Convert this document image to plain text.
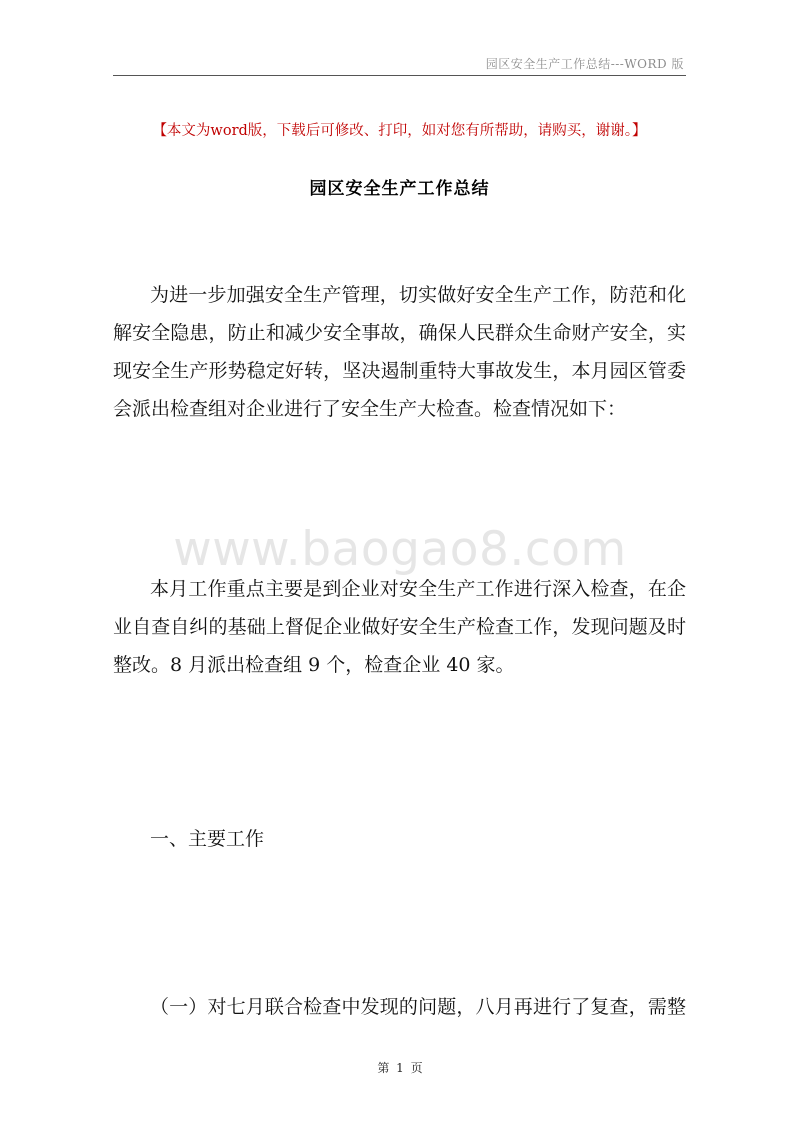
园区安全生产工作总结---WORD 版
【本文为word版，下载后可修改、打印，如对您有所帮助，请购买，谢谢。】
园区安全生产工作总结
为进一步加强安全生产管理，切实做好安全生产工作，防范和化
解安全隐患，防止和减少安全事故，确保人民群众生命财产安全，实
现安全生产形势稳定好转，坚决遏制重特大事故发生，本月园区管委
会派出检查组对企业进行了安全生产大检查。检查情况如下：
www.baogao8.com
本月工作重点主要是到企业对安全生产工作进行深入检查，在企
业自查自纠的基础上督促企业做好安全生产检查工作，发现问题及时
整改。8 月派出检查组 9 个，检查企业 40 家。
一、主要工作
（一）对七月联合检查中发现的问题，八月再进行了复查，需整
第 1 页
